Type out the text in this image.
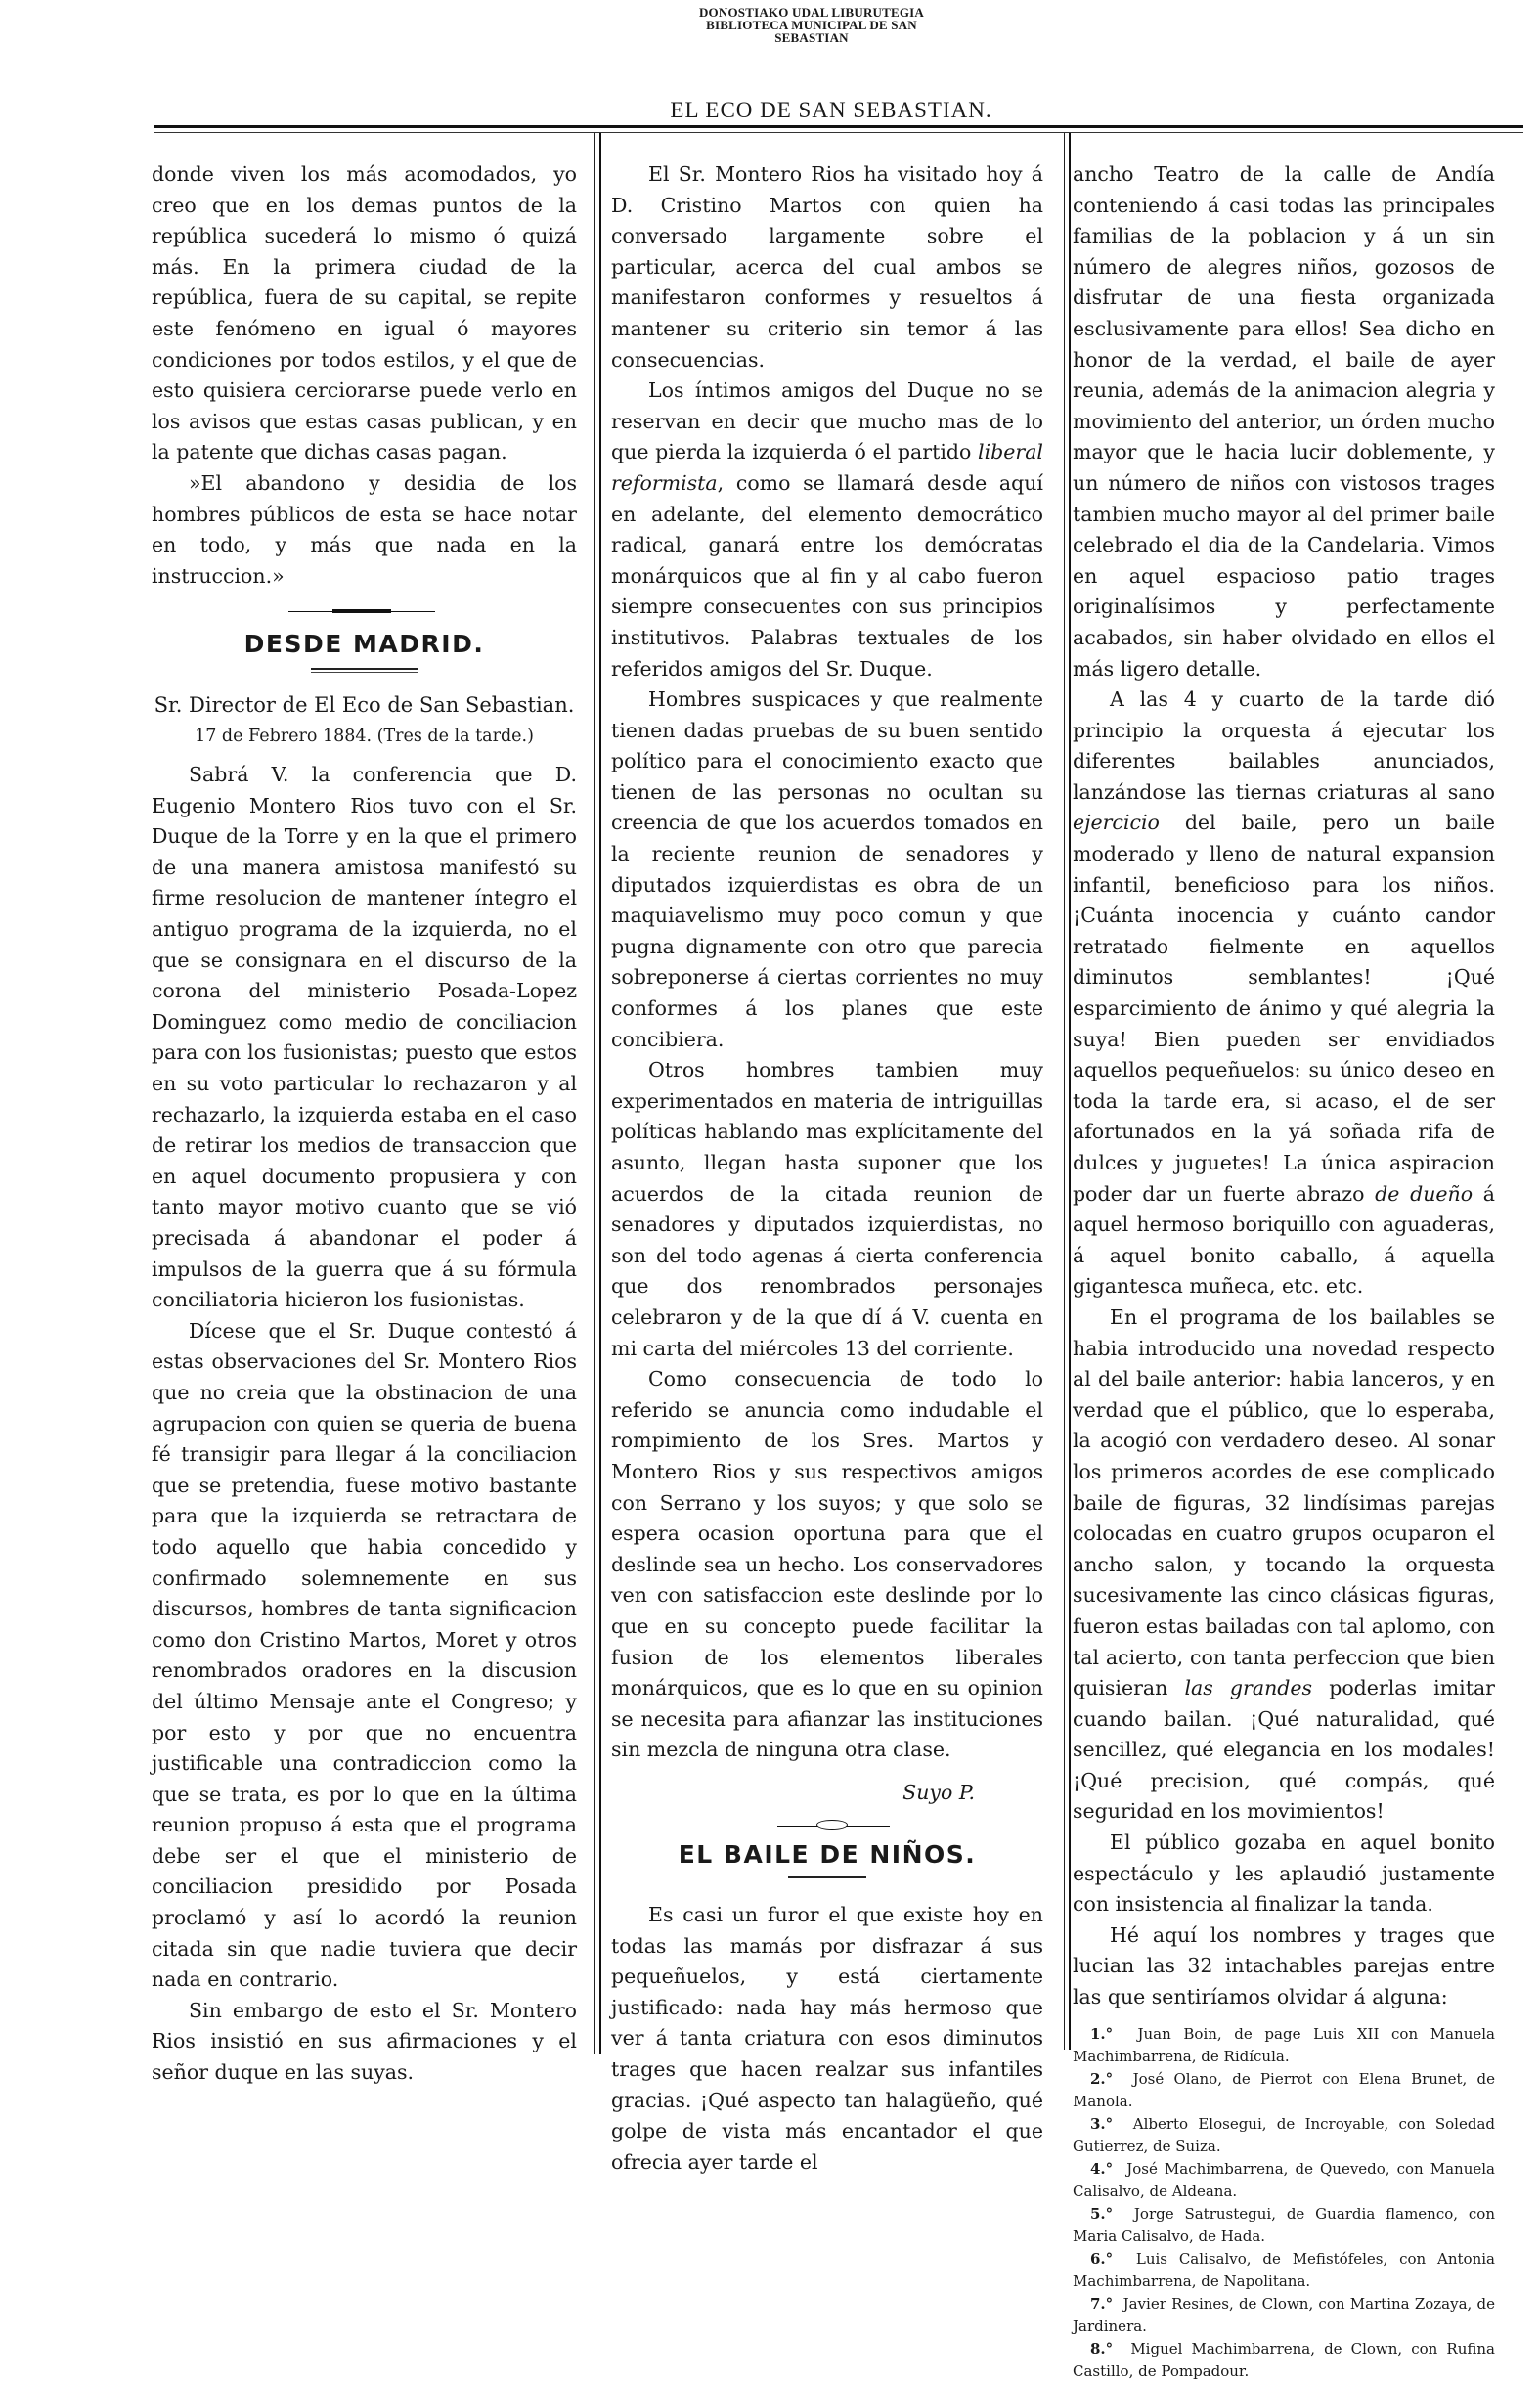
DONOSTIAKO UDAL LIBURUTEGIA
BIBLIOTECA MUNICIPAL DE SAN SEBASTIAN
EL ECO DE SAN SEBASTIAN.

donde viven los más acomodados, yo creo que en los demas puntos de la república sucederá lo mismo ó quizá más. En la primera ciudad de la república, fuera de su capital, se repite este fenómeno en igual ó mayores condiciones por todos estilos, y el que de esto quisiera cerciorarse puede verlo en los avisos que estas casas publican, y en la patente que dichas casas pagan.

»El abandono y desidia de los hombres públicos de esta se hace notar en todo, y más que nada en la instruccion.»

DESDE MADRID.

Sr. Director de El Eco de San Sebastian.

17 de Febrero 1884. (Tres de la tarde.)

Sabrá V. la conferencia que D. Eugenio Montero Rios tuvo con el Sr. Duque de la Torre y en la que el primero de una manera amistosa manifestó su firme resolucion de mantener íntegro el antiguo programa de la izquierda, no el que se consignara en el discurso de la corona del ministerio Posada-Lopez Dominguez como medio de conciliacion para con los fusionistas; puesto que estos en su voto particular lo rechazaron y al rechazarlo, la izquierda estaba en el caso de retirar los medios de transaccion que en aquel documento propusiera y con tanto mayor motivo cuanto que se vió precisada á abandonar el poder á impulsos de la guerra que á su fórmula conciliatoria hicieron los fusionistas.

Dícese que el Sr. Duque contestó á estas observaciones del Sr. Montero Rios que no creia que la obstinacion de una agrupacion con quien se queria de buena fé transigir para llegar á la conciliacion que se pretendia, fuese motivo bastante para que la izquierda se retractara de todo aquello que habia concedido y confirmado solemnemente en sus discursos, hombres de tanta significacion como don Cristino Martos, Moret y otros renombrados oradores en la discusion del último Mensaje ante el Congreso; y por esto y por que no encuentra justificable una contradiccion como la que se trata, es por lo que en la última reunion propuso á esta que el programa debe ser el que el ministerio de conciliacion presidido por Posada proclamó y así lo acordó la reunion citada sin que nadie tuviera que decir nada en contrario.

Sin embargo de esto el Sr. Montero Rios insistió en sus afirmaciones y el señor duque en las suyas.

El Sr. Montero Rios ha visitado hoy á D. Cristino Martos con quien ha conversado largamente sobre el particular, acerca del cual ambos se manifestaron conformes y resueltos á mantener su criterio sin temor á las consecuencias.

Los íntimos amigos del Duque no se reservan en decir que mucho mas de lo que pierda la izquierda ó el partido liberal reformista, como se llamará desde aquí en adelante, del elemento democrático radical, ganará entre los demócratas monárquicos que al fin y al cabo fueron siempre consecuentes con sus principios institutivos. Palabras textuales de los referidos amigos del Sr. Duque.

Hombres suspicaces y que realmente tienen dadas pruebas de su buen sentido político para el conocimiento exacto que tienen de las personas no ocultan su creencia de que los acuerdos tomados en la reciente reunion de senadores y diputados izquierdistas es obra de un maquiavelismo muy poco comun y que pugna dignamente con otro que parecia sobreponerse á ciertas corrientes no muy conformes á los planes que este concibiera.

Otros hombres tambien muy experimentados en materia de intriguillas políticas hablando mas explícitamente del asunto, llegan hasta suponer que los acuerdos de la citada reunion de senadores y diputados izquierdistas, no son del todo agenas á cierta conferencia que dos renombrados personajes celebraron y de la que dí á V. cuenta en mi carta del miércoles 13 del corriente.

Como consecuencia de todo lo referido se anuncia como indudable el rompimiento de los Sres. Martos y Montero Rios y sus respectivos amigos con Serrano y los suyos; y que solo se espera ocasion oportuna para que el deslinde sea un hecho. Los conservadores ven con satisfaccion este deslinde por lo que en su concepto puede facilitar la fusion de los elementos liberales monárquicos, que es lo que en su opinion se necesita para afianzar las instituciones sin mezcla de ninguna otra clase.

Suyo P.

EL BAILE DE NIÑOS.

Es casi un furor el que existe hoy en todas las mamás por disfrazar á sus pequeñuelos, y está ciertamente justificado: nada hay más hermoso que ver á tanta criatura con esos diminutos trages que hacen realzar sus infantiles gracias. ¡Qué aspecto tan halagüeño, qué golpe de vista más encantador el que ofrecia ayer tarde el

ancho Teatro de la calle de Andía conteniendo á casi todas las principales familias de la poblacion y á un sin número de alegres niños, gozosos de disfrutar de una fiesta organizada esclusivamente para ellos! Sea dicho en honor de la verdad, el baile de ayer reunia, además de la animacion alegria y movimiento del anterior, un órden mucho mayor que le hacia lucir doblemente, y un número de niños con vistosos trages tambien mucho mayor al del primer baile celebrado el dia de la Candelaria. Vimos en aquel espacioso patio trages originalísimos y perfectamente acabados, sin haber olvidado en ellos el más ligero detalle.

A las 4 y cuarto de la tarde dió principio la orquesta á ejecutar los diferentes bailables anunciados, lanzándose las tiernas criaturas al sano ejercicio del baile, pero un baile moderado y lleno de natural expansion infantil, beneficioso para los niños. ¡Cuánta inocencia y cuánto candor retratado fielmente en aquellos diminutos semblantes! ¡Qué esparcimiento de ánimo y qué alegria la suya! Bien pueden ser envidiados aquellos pequeñuelos: su único deseo en toda la tarde era, si acaso, el de ser afortunados en la yá soñada rifa de dulces y juguetes! La única aspiracion poder dar un fuerte abrazo de dueño á aquel hermoso boriquillo con aguaderas, á aquel bonito caballo, á aquella gigantesca muñeca, etc. etc.

En el programa de los bailables se habia introducido una novedad respecto al del baile anterior: habia lanceros, y en verdad que el público, que lo esperaba, la acogió con verdadero deseo. Al sonar los primeros acordes de ese complicado baile de figuras, 32 lindísimas parejas colocadas en cuatro grupos ocuparon el ancho salon, y tocando la orquesta sucesivamente las cinco clásicas figuras, fueron estas bailadas con tal aplomo, con tal acierto, con tanta perfeccion que bien quisieran las grandes poderlas imitar cuando bailan. ¡Qué naturalidad, qué sencillez, qué elegancia en los modales! ¡Qué precision, qué compás, qué seguridad en los movimientos!

El público gozaba en aquel bonito espectáculo y les aplaudió justamente con insistencia al finalizar la tanda.

Hé aquí los nombres y trages que lucian las 32 intachables parejas entre las que sentiríamos olvidar á alguna:

1.° Juan Boin, de page Luis XII con Manuela Machimbarrena, de Ridícula.

2.° José Olano, de Pierrot con Elena Brunet, de Manola.

3.° Alberto Elosegui, de Incroyable, con Soledad Gutierrez, de Suiza.

4.° José Machimbarrena, de Quevedo, con Manuela Calisalvo, de Aldeana.

5.° Jorge Satrustegui, de Guardia flamenco, con Maria Calisalvo, de Hada.

6.° Luis Calisalvo, de Mefistófeles, con Antonia Machimbarrena, de Napolitana.

7.° Javier Resines, de Clown, con Martina Zozaya, de Jardinera.

8.° Miguel Machimbarrena, de Clown, con Rufina Castillo, de Pompadour.
